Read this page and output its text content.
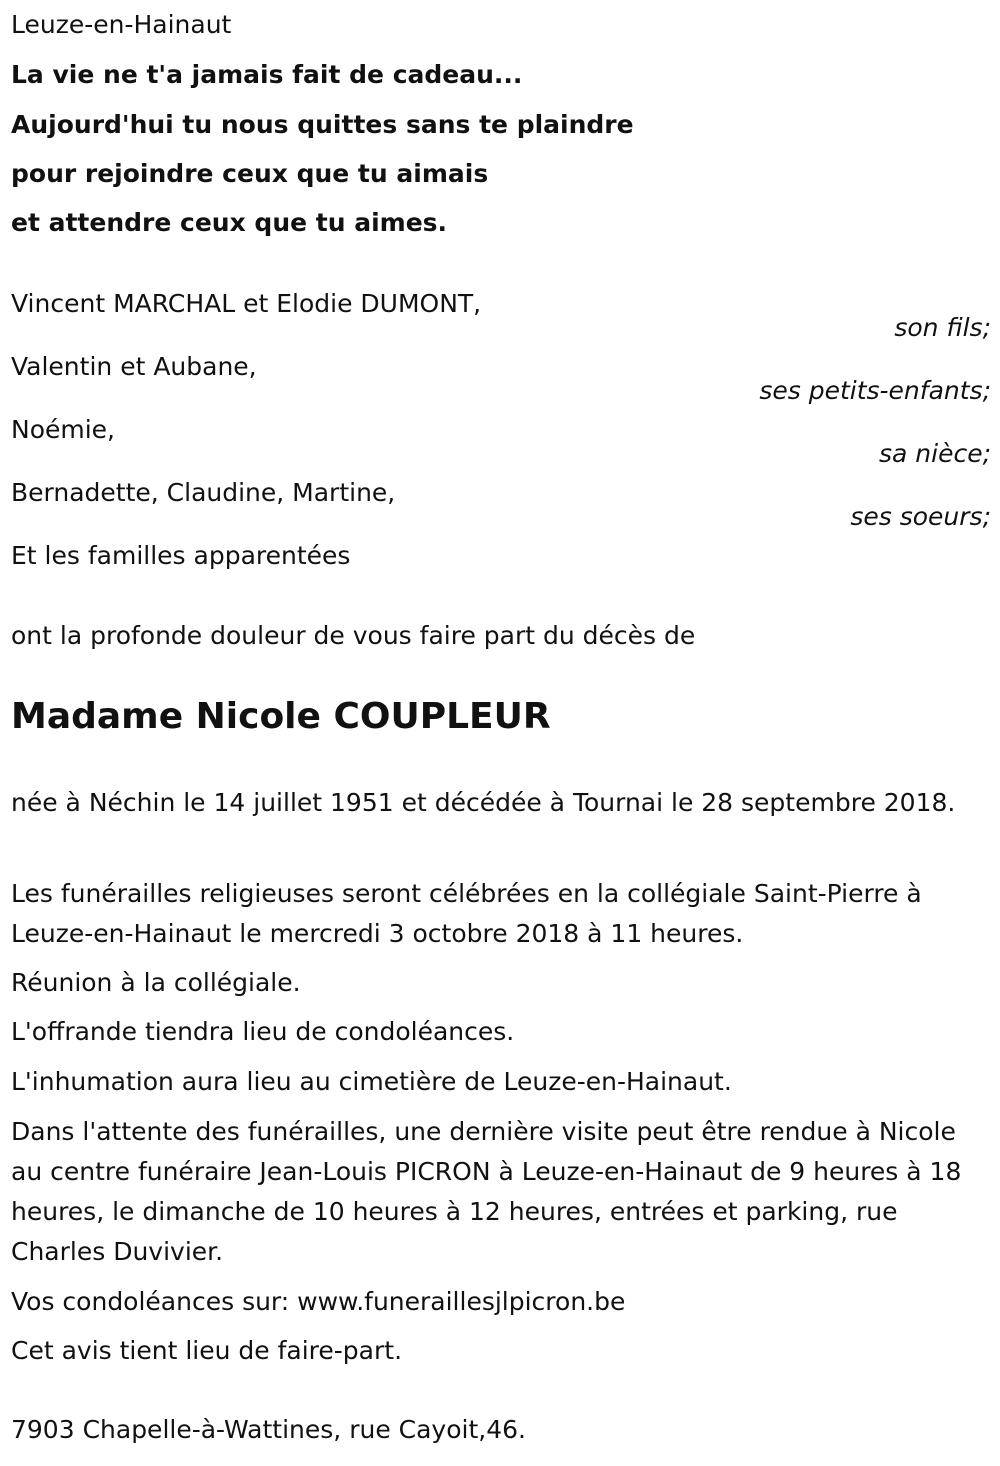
Leuze-en-Hainaut
La vie ne t'a jamais fait de cadeau...
Aujourd'hui tu nous quittes sans te plaindre
pour rejoindre ceux que tu aimais
et attendre ceux que tu aimes.
Vincent MARCHAL et Elodie DUMONT,
son fils;
Valentin et Aubane,
ses petits-enfants;
Noémie,
sa nièce;
Bernadette, Claudine, Martine,
ses soeurs;
Et les familles apparentées
ont la profonde douleur de vous faire part du décès de
Madame Nicole COUPLEUR
née à Néchin le 14 juillet 1951 et décédée à Tournai le 28 septembre 2018.
Les funérailles religieuses seront célébrées en la collégiale Saint-Pierre à Leuze-en-Hainaut le mercredi 3 octobre 2018 à 11 heures.
Réunion à la collégiale.
L'offrande tiendra lieu de condoléances.
L'inhumation aura lieu au cimetière de Leuze-en-Hainaut.
Dans l'attente des funérailles, une dernière visite peut être rendue à Nicole au centre funéraire Jean-Louis PICRON à Leuze-en-Hainaut de 9 heures à 18 heures, le dimanche de 10 heures à 12 heures, entrées et parking, rue Charles Duvivier.
Vos condoléances sur: www.funeraillesjlpicron.be
Cet avis tient lieu de faire-part.
7903 Chapelle-à-Wattines, rue Cayoit,46.
